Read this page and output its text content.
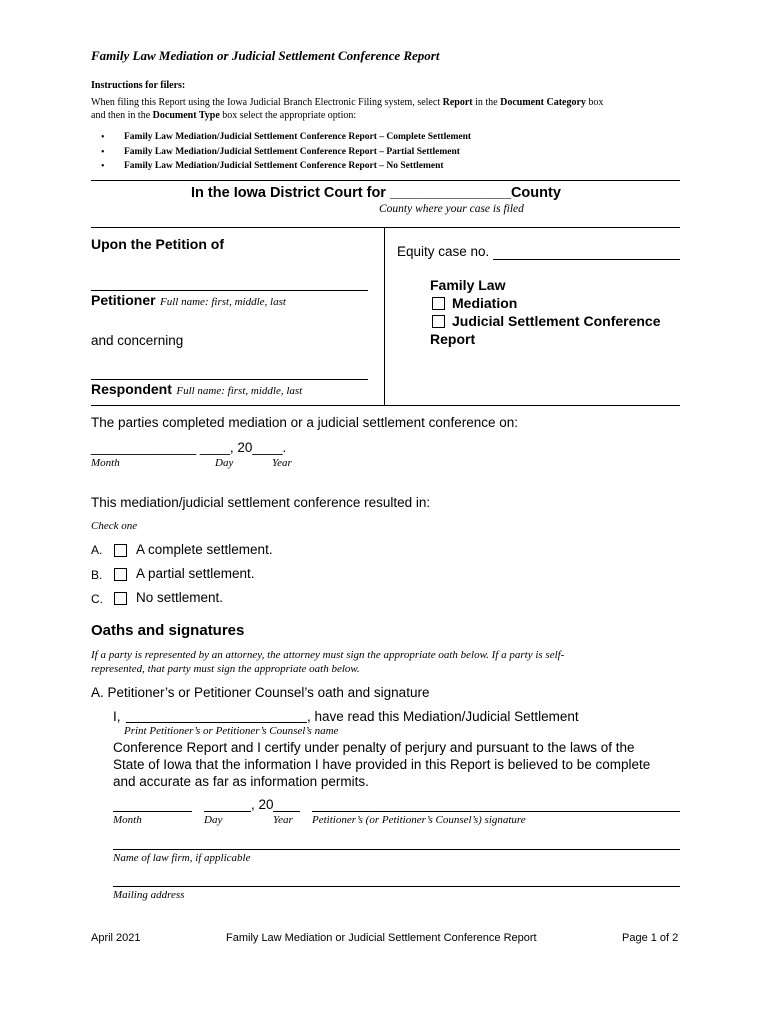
Family Law Mediation or Judicial Settlement Conference Report
Instructions for filers:
When filing this Report using the Iowa Judicial Branch Electronic Filing system, select Report in the Document Category box
and then in the Document Type box select the appropriate option:
• Family Law Mediation/Judicial Settlement Conference Report – Complete Settlement
• Family Law Mediation/Judicial Settlement Conference Report – Partial Settlement
• Family Law Mediation/Judicial Settlement Conference Report – No Settlement
In the Iowa District Court for _______________County
County where your case is filed
Upon the Petition of
Petitioner Full name: first, middle, last
and concerning
Respondent Full name: first, middle, last
Equity case no.
Family Law
Mediation
Judicial Settlement Conference
Report
The parties completed mediation or a judicial settlement conference on:
______________ ____, 20____.
Month	Day	Year
This mediation/judicial settlement conference resulted in:
Check one
A. A complete settlement.
B. A partial settlement.
C. No settlement.
Oaths and signatures
If a party is represented by an attorney, the attorney must sign the appropriate oath below. If a party is self-
represented, that party must sign the appropriate oath below.
A. Petitioner’s or Petitioner Counsel’s oath and signature
I,	, have read this Mediation/Judicial Settlement
Print Petitioner’s or Petitioner’s Counsel’s name
Conference Report and I certify under penalty of perjury and pursuant to the laws of the
State of Iowa that the information I have provided in this Report is believed to be complete
and accurate as far as information permits.
, 20
Month	Day	Year Petitioner’s (or Petitioner’s Counsel’s) signature
Name of law firm, if applicable
Mailing address
April 2021	Family Law Mediation or Judicial Settlement Conference Report	Page 1 of 2
